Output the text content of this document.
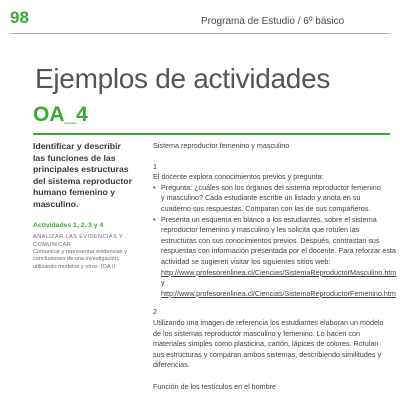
98	Programa de Estudio / 6º básico
Ejemplos de actividades
OA_4

Identificar y describir las funciones de las principales estructuras del sistema reproductor humano femenino y masculino.

Actividades 1, 2, 3 y 4

ANALIZAR LAS EVIDENCIAS Y COMUNICAR

Comunicar y representar evidencias y conclusiones de una investigación, utilizando modelos y otros. (OA i)

Sistema reproductor femenino y masculino

1

El docente explora conocimientos previos y pregunta:

• Pregunta: ¿cuáles son los órganos del sistema reproductor femenino y masculino? Cada estudiante escribe un listado y anota en su cuaderno sus respuestas. Comparan con las de sus compañeros.
• Presenta un esquema en blanco a los estudiantes, sobre el sistema reproductor femenino y masculino y les solicita que rotulen las estructuras con sus conocimientos previos. Después, contrastan sus respuestas con información presentada por el docente. Para reforzar esta actividad se sugieren visitar los siguientes sitios web: http://www.profesorenlinea.cl/Ciencias/SistemaReproductorMasculino.htm y http://www.profesorenlinea.cl/Ciencias/SistemaReproductorFemenino.htm

2

Utilizando una imagen de referencia los estudiantes elaboran un modelo de los sistemas reproductor masculino y femenino. Lo hacen con materiales simples como plasticina, cartón, lápices de colores. Rotulan sus estructuras y comparan ambos sistemas, describiendo similitudes y diferencias.

Función de los testículos en el hombre
